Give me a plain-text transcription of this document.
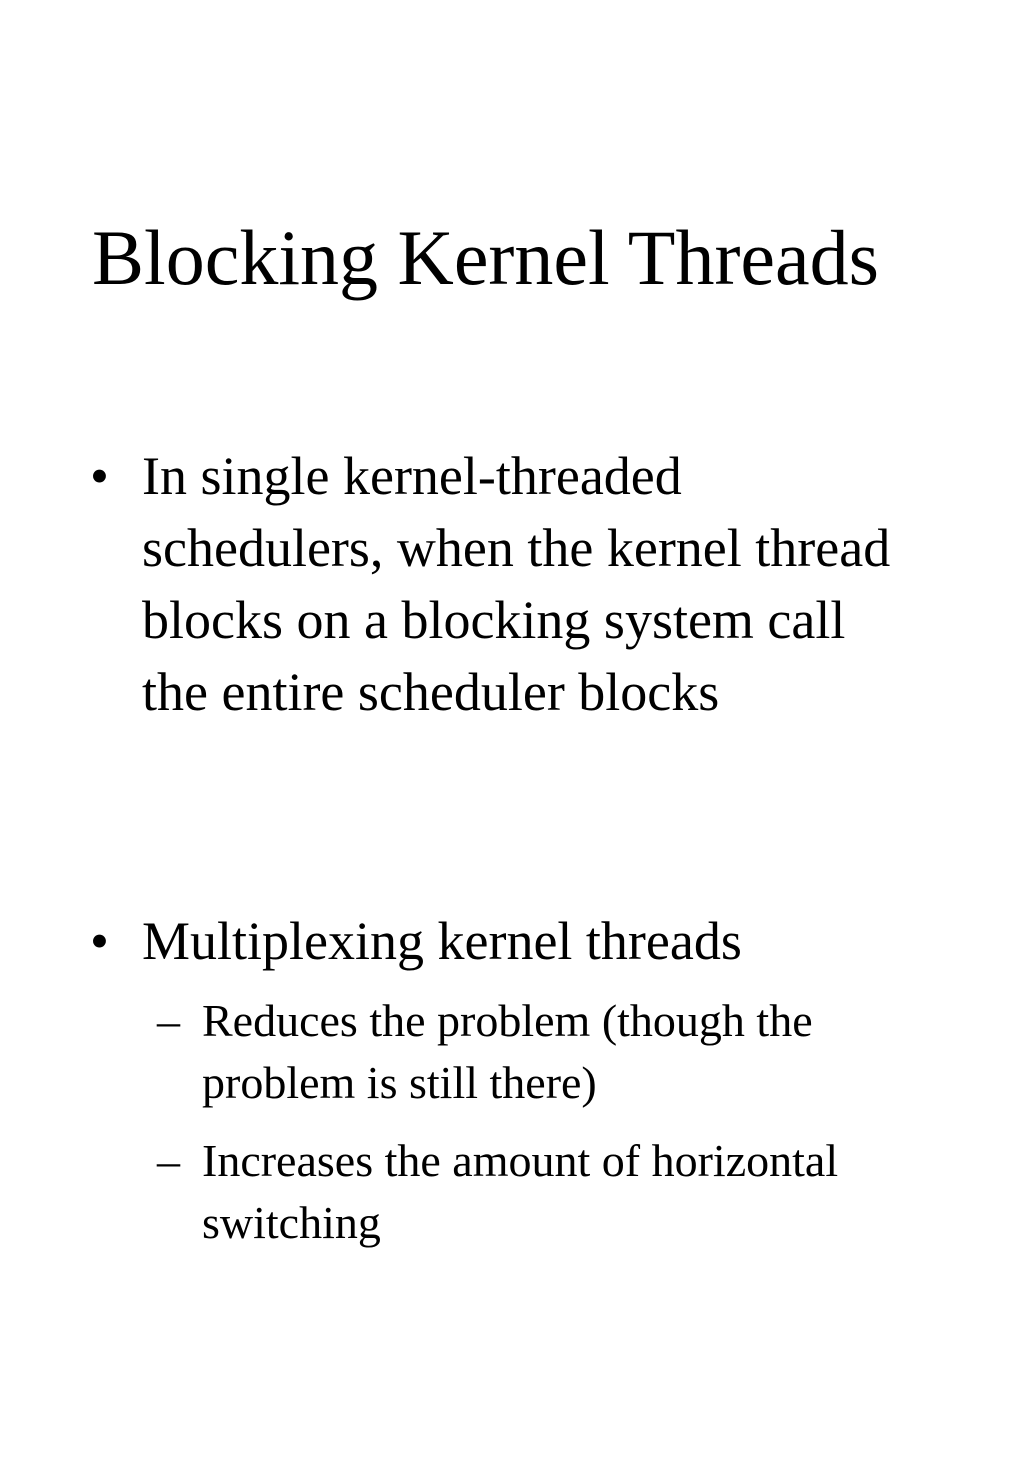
Blocking Kernel Threads
• In single kernel-threaded schedulers, when the kernel thread blocks on a blocking system call the entire scheduler blocks
• Multiplexing kernel threads
– Reduces the problem (though the problem is still there)
– Increases the amount of horizontal switching
